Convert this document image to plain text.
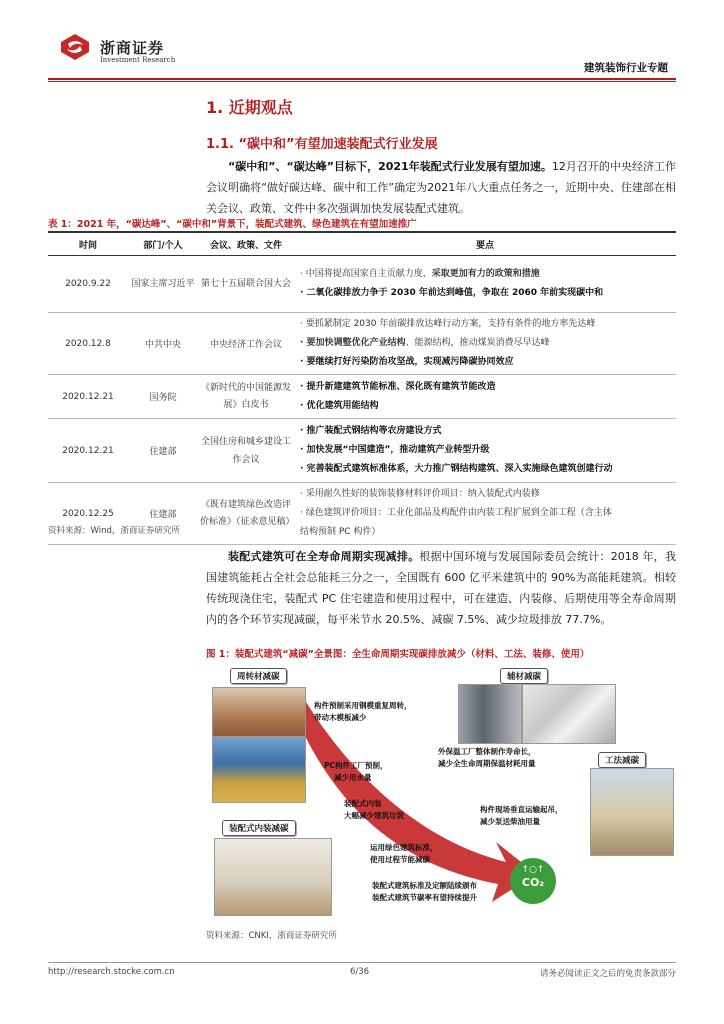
浙商证券
Investment Research
建筑装饰行业专题
1. 近期观点
1.1. “碳中和”有望加速装配式行业发展
“碳中和”、“碳达峰”目标下，2021年装配式行业发展有望加速。12月召开的中央经济工作会议明确将“做好碳达峰、碳中和工作”确定为2021年八大重点任务之一，近期中央、住建部在相关会议、政策、文件中多次强调加快发展装配式建筑。
表 1：2021 年，“碳达峰”、“碳中和”背景下，装配式建筑、绿色建筑在有望加速推广
时间	部门/个人	会议、政策、文件	要点
2020.9.22	国家主席习近平	第七十五届联合国大会	· 中国将提高国家自主贡献力度，采取更加有力的政策和措施
· 二氧化碳排放力争于 2030 年前达到峰值，争取在 2060 年前实现碳中和

2020.12.8	中共中央	中央经济工作会议	· 要抓紧制定 2030 年前碳排放达峰行动方案，支持有条件的地方率先达峰
· 要加快调整优化产业结构、能源结构，推动煤炭消费尽早达峰
· 要继续打好污染防治攻坚战，实现减污降碳协同效应

2020.12.21	国务院	《新时代的中国能源发展》白皮书	· 提升新建建筑节能标准、深化既有建筑节能改造
· 优化建筑用能结构

2020.12.21	住建部	全国住房和城乡建设工作会议	· 推广装配式钢结构等农房建设方式
· 加快发展“中国建造”，推动建筑产业转型升级
· 完善装配式建筑标准体系，大力推广钢结构建筑、深入实施绿色建筑创建行动

2020.12.25	住建部	《既有建筑绿色改造评价标准》（征求意见稿）	· 采用耐久性好的装饰装修材料评价项目：纳入装配式内装修
· 绿色建筑评价项目：工业化部品及构配件由内装工程扩展到全部工程（含主体
结构预制 PC 构件）
资料来源：Wind，浙商证券研究所
装配式建筑可在全寿命周期实现减排。根据中国环境与发展国际委员会统计：2018 年，我国建筑能耗占全社会总能耗三分之一，全国既有 600 亿平米建筑中的 90%为高能耗建筑。相较传统现浇住宅，装配式 PC 住宅建造和使用过程中，可在建造、内装修、后期使用等全寿命周期内的各个环节实现减碳，每平米节水 20.5%、减碳 7.5%、减少垃圾排放 77.7%。
图 1：装配式建筑“减碳”全景图：全生命周期实现碳排放减少（材料、工法、装修、使用）
周转材减碳	辅材减碳
工法减碳
装配式内装减碳
构件预制采用钢模重复周转，
带动木模板减少
外保温工厂整体制作寿命长，
减少全生命周期保温材耗用量
PC构件工厂预制，
减少用水量
装配式内装
大幅减少建筑垃圾
构件现场垂直运输起吊，
减少泵送柴油用量
运用绿色建筑标准，
使用过程节能减碳
装配式建筑标准及定额陆续颁布
装配式建筑节碳率有望持续提升
↑○↑
CO₂
资料来源：CNKI，浙商证券研究所
http://research.stocke.com.cn	6/36	请务必阅读正文之后的免责条款部分
